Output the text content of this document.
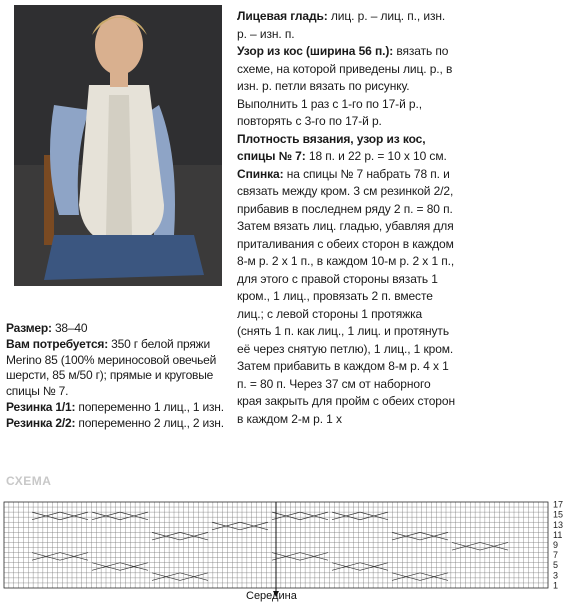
Размер: 38–40

Вам потребуется: 350 г белой пряжи Merino 85 (100% мериносовой овечьей шерсти, 85 м/50 г); прямые и круговые спицы № 7.

Резинка 1/1: попеременно 1 лиц., 1 изн.

Резинка 2/2: попеременно 2 лиц., 2 изн.

Лицевая гладь: лиц. р. – лиц. п., изн. р. – изн. п.

Узор из кос (ширина 56 п.): вязать по схеме, на которой приведены лиц. р., в изн. р. петли вязать по рисунку. Выполнить 1 раз с 1-го по 17-й р., повторять с 3-го по 17-й р.

Плотность вязания, узор из кос, спицы № 7: 18 п. и 22 р. = 10 х 10 см.

Спинка: на спицы № 7 набрать 78 п. и связать между кром. 3 см резинкой 2/2, прибавив в последнем ряду 2 п. = 80 п. Затем вязать лиц. гладью, убавляя для приталивания с обеих сторон в каждом 8-м р. 2 х 1 п., в каждом 10-м р. 2 х 1 п., для этого с правой стороны вязать 1 кром., 1 лиц., провязать 2 п. вместе лиц.; с левой стороны 1 протяжка (снять 1 п. как лиц., 1 лиц. и протянуть её через снятую петлю), 1 лиц., 1 кром. Затем прибавить в каждом 8-м р. 4 х 1 п. = 80 п. Через 37 см от наборного края закрыть для пройм с обеих сторон в каждом 2-м р. 1 х

СХЕМА
17
15
13
11
9
7
5
3
1
Середина
